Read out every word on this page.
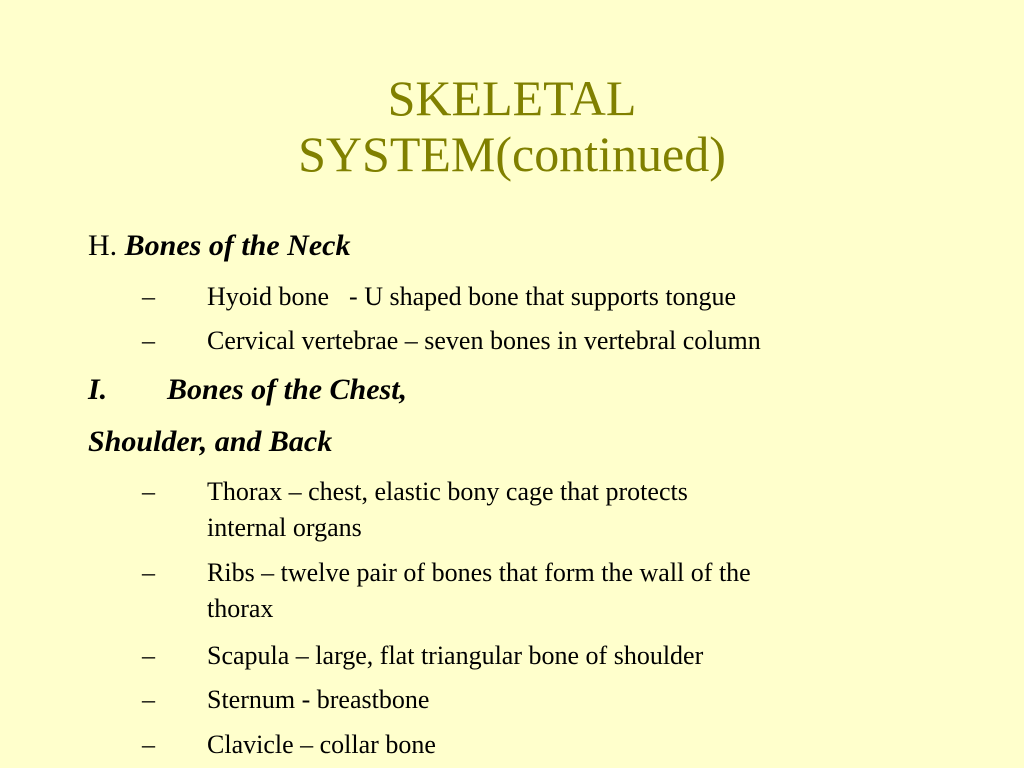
SKELETAL
SYSTEM(continued)
H. Bones of the Neck
– Hyoid bone - U shaped bone that supports tongue
– Cervical vertebrae – seven bones in vertebral column
I. Bones of the Chest,
Shoulder, and Back
– Thorax – chest, elastic bony cage that protects
internal organs
– Ribs – twelve pair of bones that form the wall of the
thorax
– Scapula – large, flat triangular bone of shoulder
– Sternum - breastbone
– Clavicle – collar bone
